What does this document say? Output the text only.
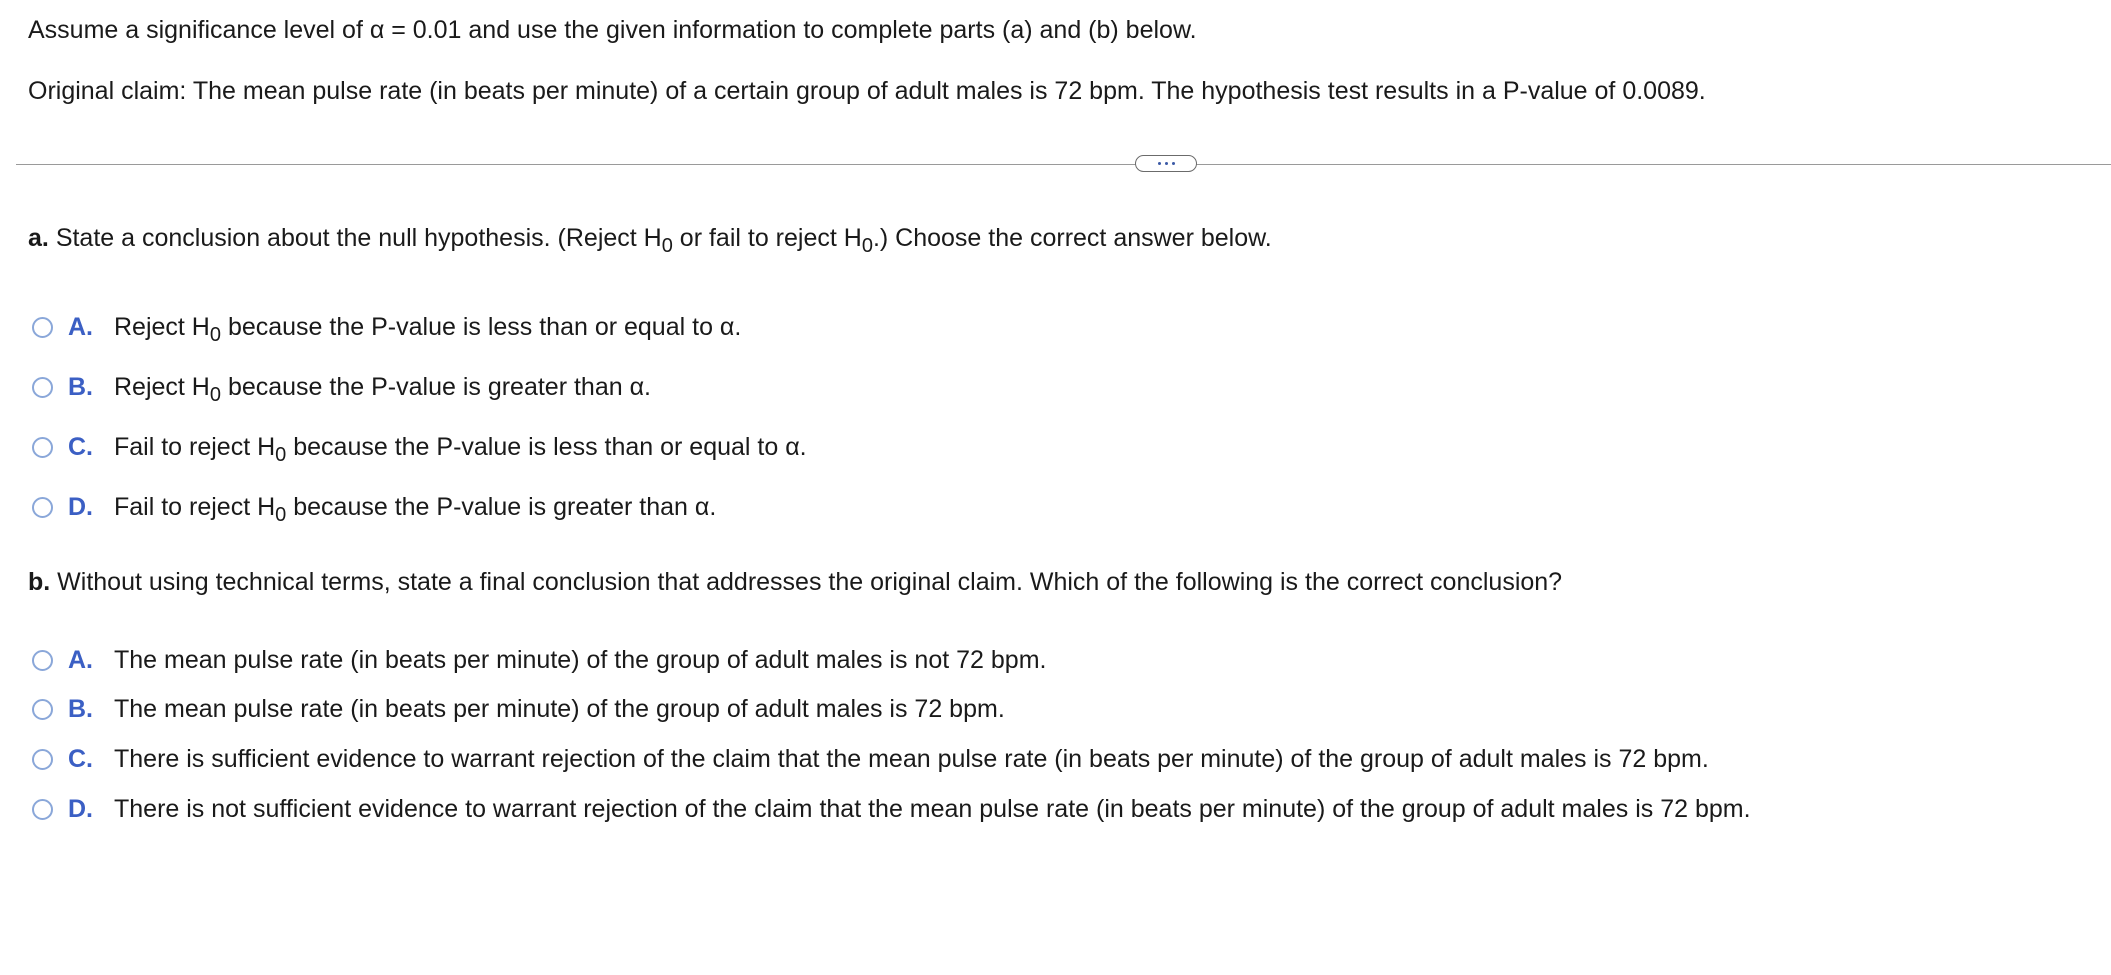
Assume a significance level of α = 0.01 and use the given information to complete parts (a) and (b) below.
Original claim: The mean pulse rate (in beats per minute) of a certain group of adult males is 72 bpm. The hypothesis test results in a P-value of 0.0089.
a. State a conclusion about the null hypothesis. (Reject $H_0$ or fail to reject $H_0$.) Choose the correct answer below.
A. Reject $H_0$ because the P-value is less than or equal to α.
B. Reject $H_0$ because the P-value is greater than α.
C. Fail to reject $H_0$ because the P-value is less than or equal to α.
D. Fail to reject $H_0$ because the P-value is greater than α.
b. Without using technical terms, state a final conclusion that addresses the original claim. Which of the following is the correct conclusion?
A. The mean pulse rate (in beats per minute) of the group of adult males is not 72 bpm.
B. The mean pulse rate (in beats per minute) of the group of adult males is 72 bpm.
C. There is sufficient evidence to warrant rejection of the claim that the mean pulse rate (in beats per minute) of the group of adult males is 72 bpm.
D. There is not sufficient evidence to warrant rejection of the claim that the mean pulse rate (in beats per minute) of the group of adult males is 72 bpm.
